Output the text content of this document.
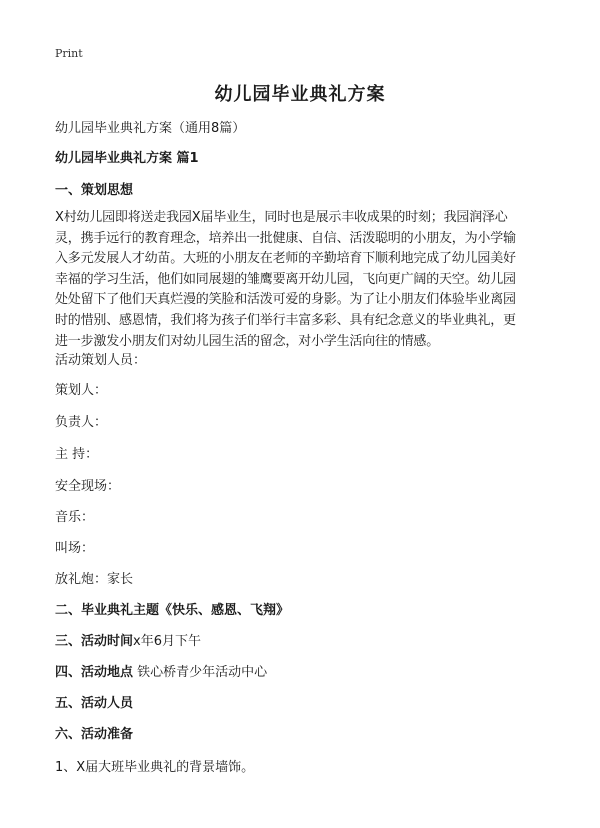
Print
幼儿园毕业典礼方案
幼儿园毕业典礼方案（通用8篇）
幼儿园毕业典礼方案 篇1
一、策划思想
X村幼儿园即将送走我园X届毕业生，同时也是展示丰收成果的时刻；我园润泽心
灵，携手远行的教育理念，培养出一批健康、自信、活泼聪明的小朋友，为小学输
入多元发展人才幼苗。大班的小朋友在老师的辛勤培育下顺利地完成了幼儿园美好
幸福的学习生活，他们如同展翅的雏鹰要离开幼儿园，飞向更广阔的天空。幼儿园
处处留下了他们天真烂漫的笑脸和活泼可爱的身影。为了让小朋友们体验毕业离园
时的惜别、感恩情，我们将为孩子们举行丰富多彩、具有纪念意义的毕业典礼，更
进一步激发小朋友们对幼儿园生活的留念，对小学生活向往的情感。
活动策划人员：
策划人：
负责人：
主 持：
安全现场：
音乐：
叫场：
放礼炮：家长
二、毕业典礼主题《快乐、感恩、飞翔》
三、活动时间x年6月下午
四、活动地点 铁心桥青少年活动中心
五、活动人员
六、活动准备
1、X届大班毕业典礼的背景墙饰。
